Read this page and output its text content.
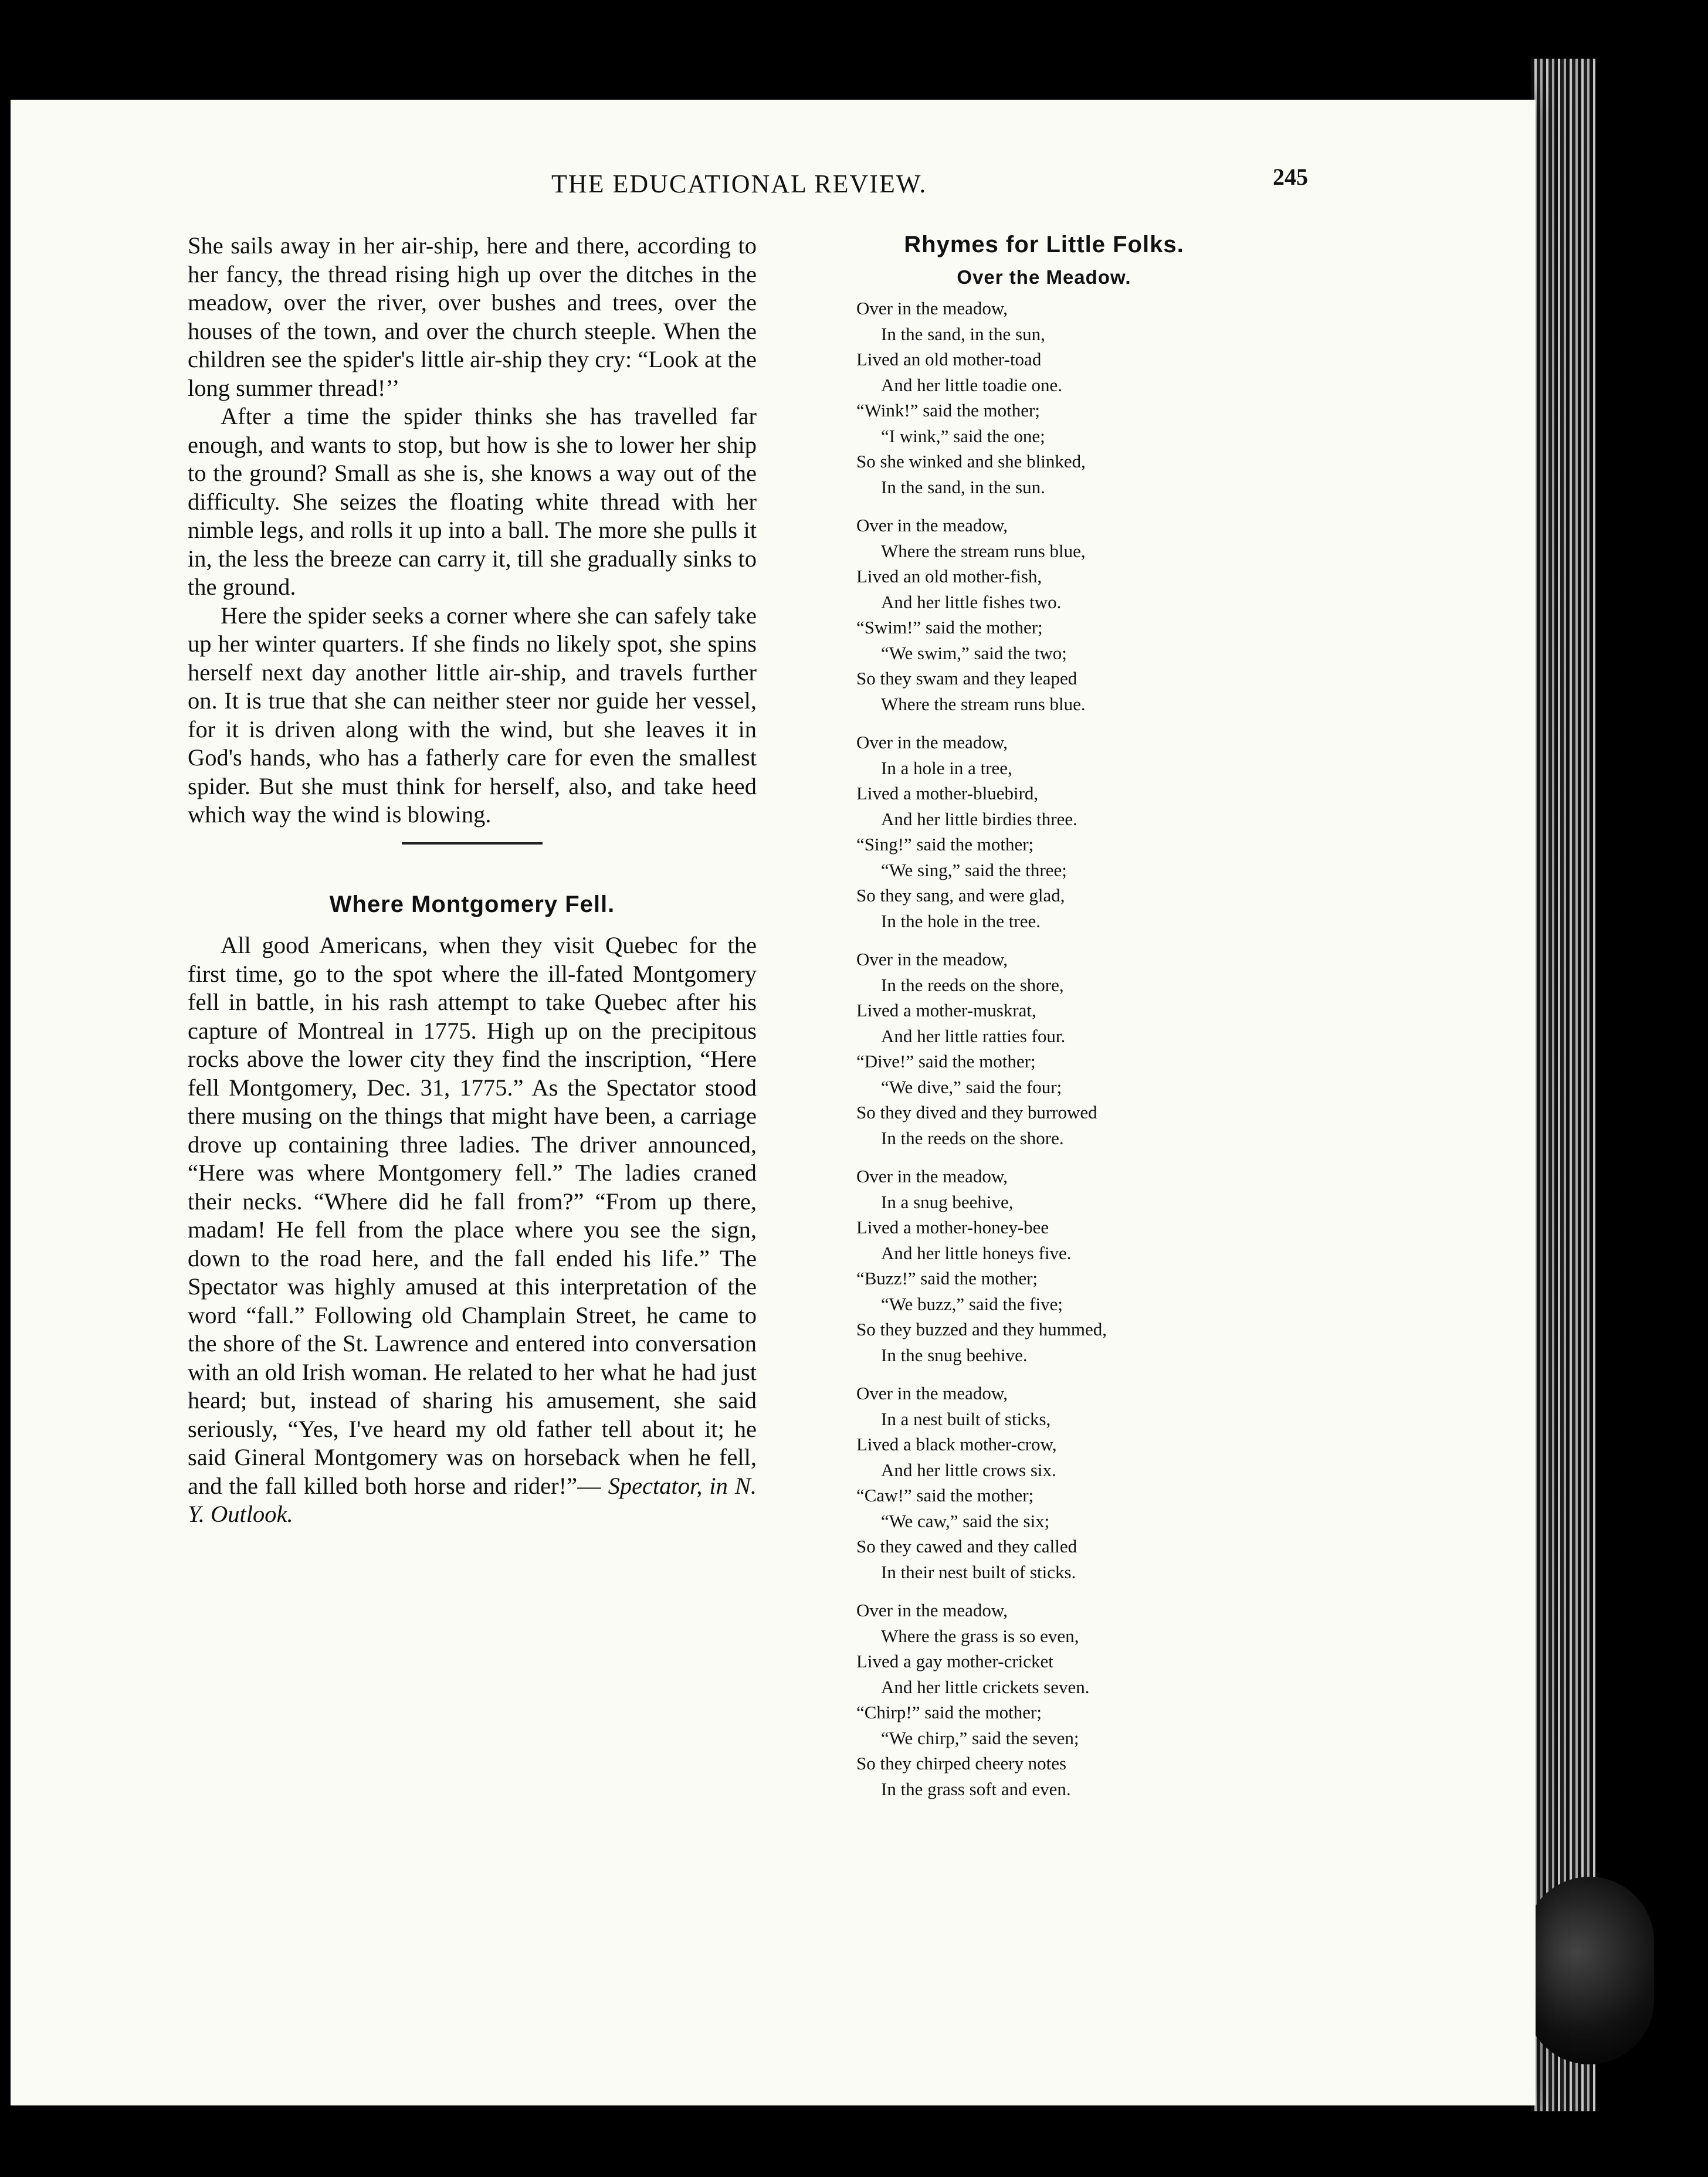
THE EDUCATIONAL REVIEW.	245

She sails away in her air-ship, here and there, according to her fancy, the thread rising high up over the ditches in the meadow, over the river, over bushes and trees, over the houses of the town, and over the church steeple. When the children see the spider's little air-ship they cry: “Look at the long summer thread!’’

After a time the spider thinks she has travelled far enough, and wants to stop, but how is she to lower her ship to the ground? Small as she is, she knows a way out of the difficulty. She seizes the floating white thread with her nimble legs, and rolls it up into a ball. The more she pulls it in, the less the breeze can carry it, till she gradually sinks to the ground.

Here the spider seeks a corner where she can safely take up her winter quarters. If she finds no likely spot, she spins herself next day another little air-ship, and travels further on. It is true that she can neither steer nor guide her vessel, for it is driven along with the wind, but she leaves it in God's hands, who has a fatherly care for even the smallest spider. But she must think for herself, also, and take heed which way the wind is blowing.

Where Montgomery Fell.

All good Americans, when they visit Quebec for the first time, go to the spot where the ill-fated Montgomery fell in battle, in his rash attempt to take Quebec after his capture of Montreal in 1775. High up on the precipitous rocks above the lower city they find the inscription, “Here fell Montgomery, Dec. 31, 1775.” As the Spectator stood there musing on the things that might have been, a carriage drove up containing three ladies. The driver announced, “Here was where Montgomery fell.” The ladies craned their necks. “Where did he fall from?” “From up there, madam! He fell from the place where you see the sign, down to the road here, and the fall ended his life.” The Spectator was highly amused at this interpretation of the word “fall.” Following old Champlain Street, he came to the shore of the St. Lawrence and entered into conversation with an old Irish woman. He related to her what he had just heard; but, instead of sharing his amusement, she said seriously, “Yes, I've heard my old father tell about it; he said Gineral Montgomery was on horseback when he fell, and the fall killed both horse and rider!”— Spectator, in N. Y. Outlook.

Rhymes for Little Folks.
Over the Meadow.
Over in the meadow,
In the sand, in the sun,
Lived an old mother-toad
And her little toadie one.
“Wink!” said the mother;
“I wink,” said the one;
So she winked and she blinked,
In the sand, in the sun.
Over in the meadow,
Where the stream runs blue,
Lived an old mother-fish,
And her little fishes two.
“Swim!” said the mother;
“We swim,” said the two;
So they swam and they leaped
Where the stream runs blue.
Over in the meadow,
In a hole in a tree,
Lived a mother-bluebird,
And her little birdies three.
“Sing!” said the mother;
“We sing,” said the three;
So they sang, and were glad,
In the hole in the tree.
Over in the meadow,
In the reeds on the shore,
Lived a mother-muskrat,
And her little ratties four.
“Dive!” said the mother;
“We dive,” said the four;
So they dived and they burrowed
In the reeds on the shore.
Over in the meadow,
In a snug beehive,
Lived a mother-honey-bee
And her little honeys five.
“Buzz!” said the mother;
“We buzz,” said the five;
So they buzzed and they hummed,
In the snug beehive.
Over in the meadow,
In a nest built of sticks,
Lived a black mother-crow,
And her little crows six.
“Caw!” said the mother;
“We caw,” said the six;
So they cawed and they called
In their nest built of sticks.
Over in the meadow,
Where the grass is so even,
Lived a gay mother-cricket
And her little crickets seven.
“Chirp!” said the mother;
“We chirp,” said the seven;
So they chirped cheery notes
In the grass soft and even.
